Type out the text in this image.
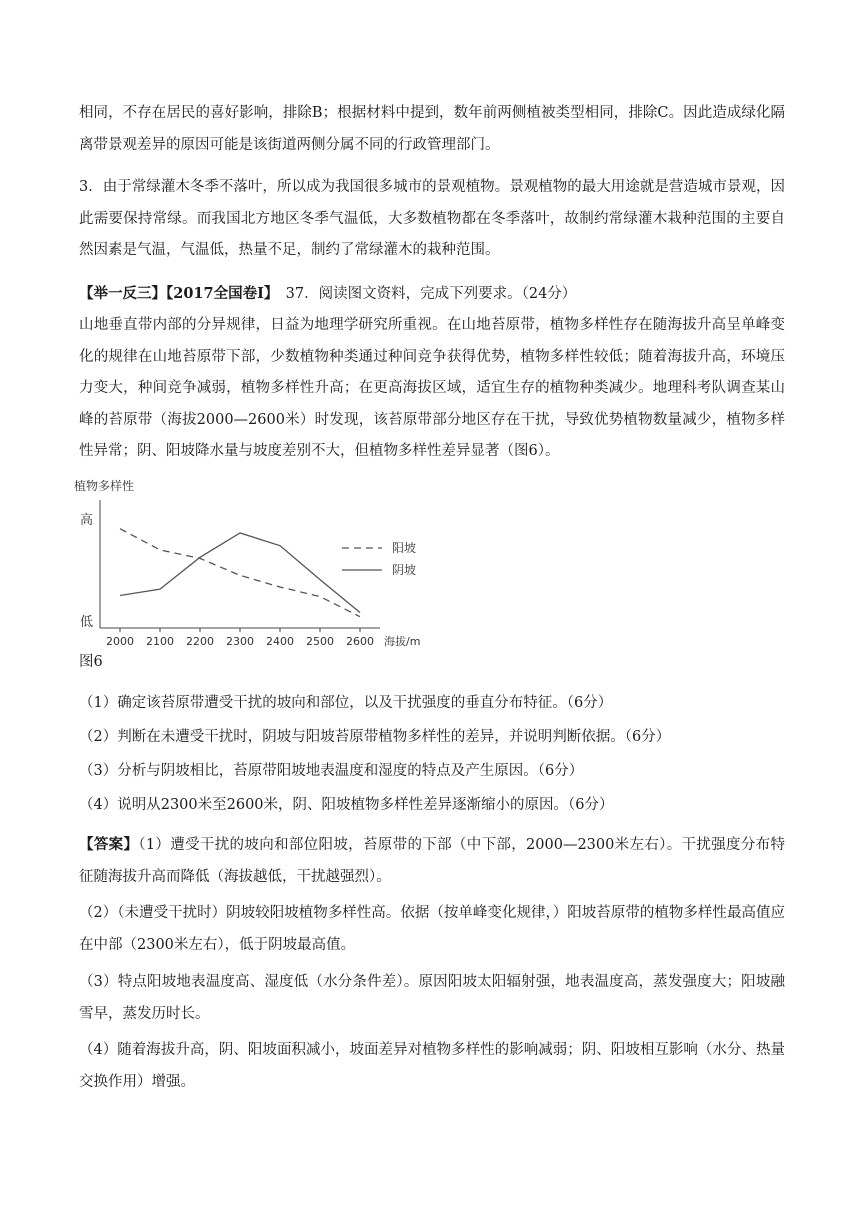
相同，不存在居民的喜好影响，排除B；根据材料中提到，数年前两侧植被类型相同，排除C。因此造成绿化隔离带景观差异的原因可能是该街道两侧分属不同的行政管理部门。

3．由于常绿灌木冬季不落叶，所以成为我国很多城市的景观植物。景观植物的最大用途就是营造城市景观，因此需要保持常绿。而我国北方地区冬季气温低，大多数植物都在冬季落叶，故制约常绿灌木栽种范围的主要自然因素是气温，气温低，热量不足，制约了常绿灌木的栽种范围。

【举一反三】【2017全国卷Ⅰ】　37．阅读图文资料，完成下列要求。（24分）

山地垂直带内部的分异规律，日益为地理学研究所重视。在山地苔原带，植物多样性存在随海拔升高呈单峰变化的规律在山地苔原带下部，少数植物种类通过种间竞争获得优势，植物多样性较低；随着海拔升高，环境压力变大，种间竞争减弱，植物多样性升高；在更高海拔区域，适宜生存的植物种类减少。地理科考队调查某山峰的苔原带（海拔2000—2600米）时发现，该苔原带部分地区存在干扰，导致优势植物数量减少，植物多样性异常；阴、阳坡降水量与坡度差别不大，但植物多样性差异显著（图6）。

2000 2100 2200 2300 2400 2500 2600
植物多样性
高
低
海拔/m
阳坡
阴坡
图6
（1）确定该苔原带遭受干扰的坡向和部位，以及干扰强度的垂直分布特征。（6分）
（2）判断在未遭受干扰时，阴坡与阳坡苔原带植物多样性的差异，并说明判断依据。（6分）
（3）分析与阴坡相比，苔原带阳坡地表温度和湿度的特点及产生原因。（6分）
（4）说明从2300米至2600米，阴、阳坡植物多样性差异逐渐缩小的原因。（6分）

【答案】（1）遭受干扰的坡向和部位阳坡，苔原带的下部（中下部，2000—2300米左右）。干扰强度分布特征随海拔升高而降低（海拔越低，干扰越强烈）。

（2）（未遭受干扰时）阴坡较阳坡植物多样性高。依据（按单峰变化规律，）阳坡苔原带的植物多样性最高值应在中部（2300米左右），低于阴坡最高值。

（3）特点阳坡地表温度高、湿度低（水分条件差）。原因阳坡太阳辐射强，地表温度高，蒸发强度大；阳坡融雪早，蒸发历时长。

（4）随着海拔升高，阴、阳坡面积减小，坡面差异对植物多样性的影响减弱；阴、阳坡相互影响（水分、热量交换作用）增强。
